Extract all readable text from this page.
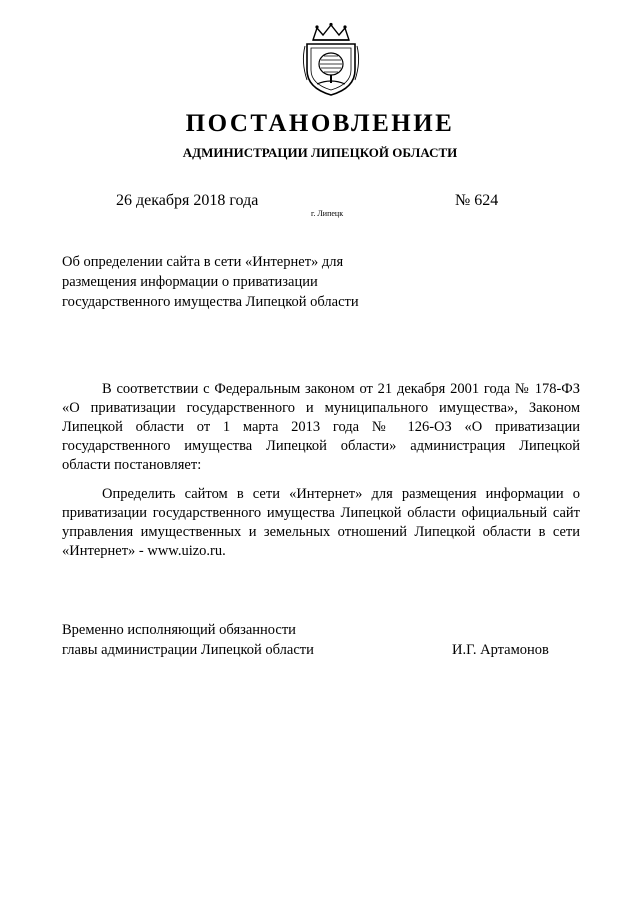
ПОСТАНОВЛЕНИЕ
АДМИНИСТРАЦИИ ЛИПЕЦКОЙ ОБЛАСТИ
26 декабря 2018 года
г. Липецк
№ 624
Об определении сайта в сети «Интернет» для
размещения информации о приватизации
государственного имущества Липецкой области

В соответствии с Федеральным законом от 21 декабря 2001 года № 178-ФЗ «О приватизации государственного и муниципального имущества», Законом Липецкой области от 1 марта 2013 года № 126-ОЗ «О приватизации государственного имущества Липецкой области» администрация Липецкой области постановляет:

Определить сайтом в сети «Интернет» для размещения информации о приватизации государственного имущества Липецкой области официальный сайт управления имущественных и земельных отношений Липецкой области в сети «Интернет» - www.uizo.ru.

Временно исполняющий обязанности
главы администрации Липецкой области	И.Г. Артамонов
